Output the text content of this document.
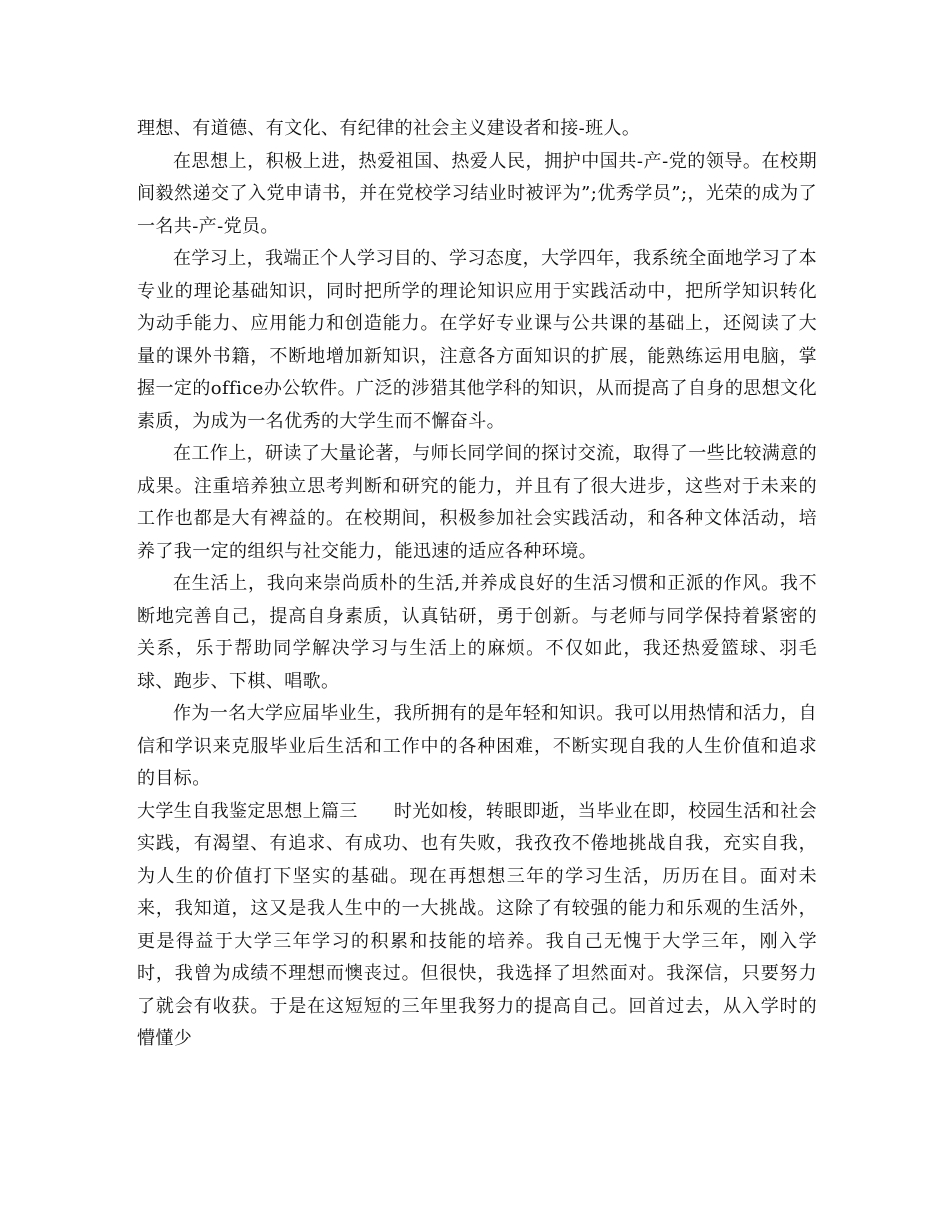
理想、有道德、有文化、有纪律的社会主义建设者和接-班人。

在思想上，积极上进，热爱祖国、热爱人民，拥护中国共-产-党的领导。在校期间毅然递交了入党申请书，并在党校学习结业时被评为”;优秀学员”;，光荣的成为了一名共-产-党员。

在学习上，我端正个人学习目的、学习态度，大学四年，我系统全面地学习了本专业的理论基础知识，同时把所学的理论知识应用于实践活动中，把所学知识转化为动手能力、应用能力和创造能力。在学好专业课与公共课的基础上，还阅读了大量的课外书籍，不断地增加新知识，注意各方面知识的扩展，能熟练运用电脑，掌握一定的office办公软件。广泛的涉猎其他学科的知识，从而提高了自身的思想文化素质，为成为一名优秀的大学生而不懈奋斗。

在工作上，研读了大量论著，与师长同学间的探讨交流，取得了一些比较满意的成果。注重培养独立思考判断和研究的能力，并且有了很大进步，这些对于未来的工作也都是大有裨益的。在校期间，积极参加社会实践活动，和各种文体活动，培养了我一定的组织与社交能力，能迅速的适应各种环境。

在生活上，我向来崇尚质朴的生活,并养成良好的生活习惯和正派的作风。我不断地完善自己，提高自身素质，认真钻研，勇于创新。与老师与同学保持着紧密的关系，乐于帮助同学解决学习与生活上的麻烦。不仅如此，我还热爱篮球、羽毛球、跑步、下棋、唱歌。

作为一名大学应届毕业生，我所拥有的是年轻和知识。我可以用热情和活力，自信和学识来克服毕业后生活和工作中的各种困难，不断实现自我的人生价值和追求的目标。

大学生自我鉴定思想上篇三 时光如梭，转眼即逝，当毕业在即，校园生活和社会实践，有渴望、有追求、有成功、也有失败，我孜孜不倦地挑战自我，充实自我，为人生的价值打下坚实的基础。现在再想想三年的学习生活，历历在目。面对未来，我知道，这又是我人生中的一大挑战。这除了有较强的能力和乐观的生活外，更是得益于大学三年学习的积累和技能的培养。我自己无愧于大学三年，刚入学时，我曾为成绩不理想而懊丧过。但很快，我选择了坦然面对。我深信，只要努力了就会有收获。于是在这短短的三年里我努力的提高自己。回首过去，从入学时的懵懂少
